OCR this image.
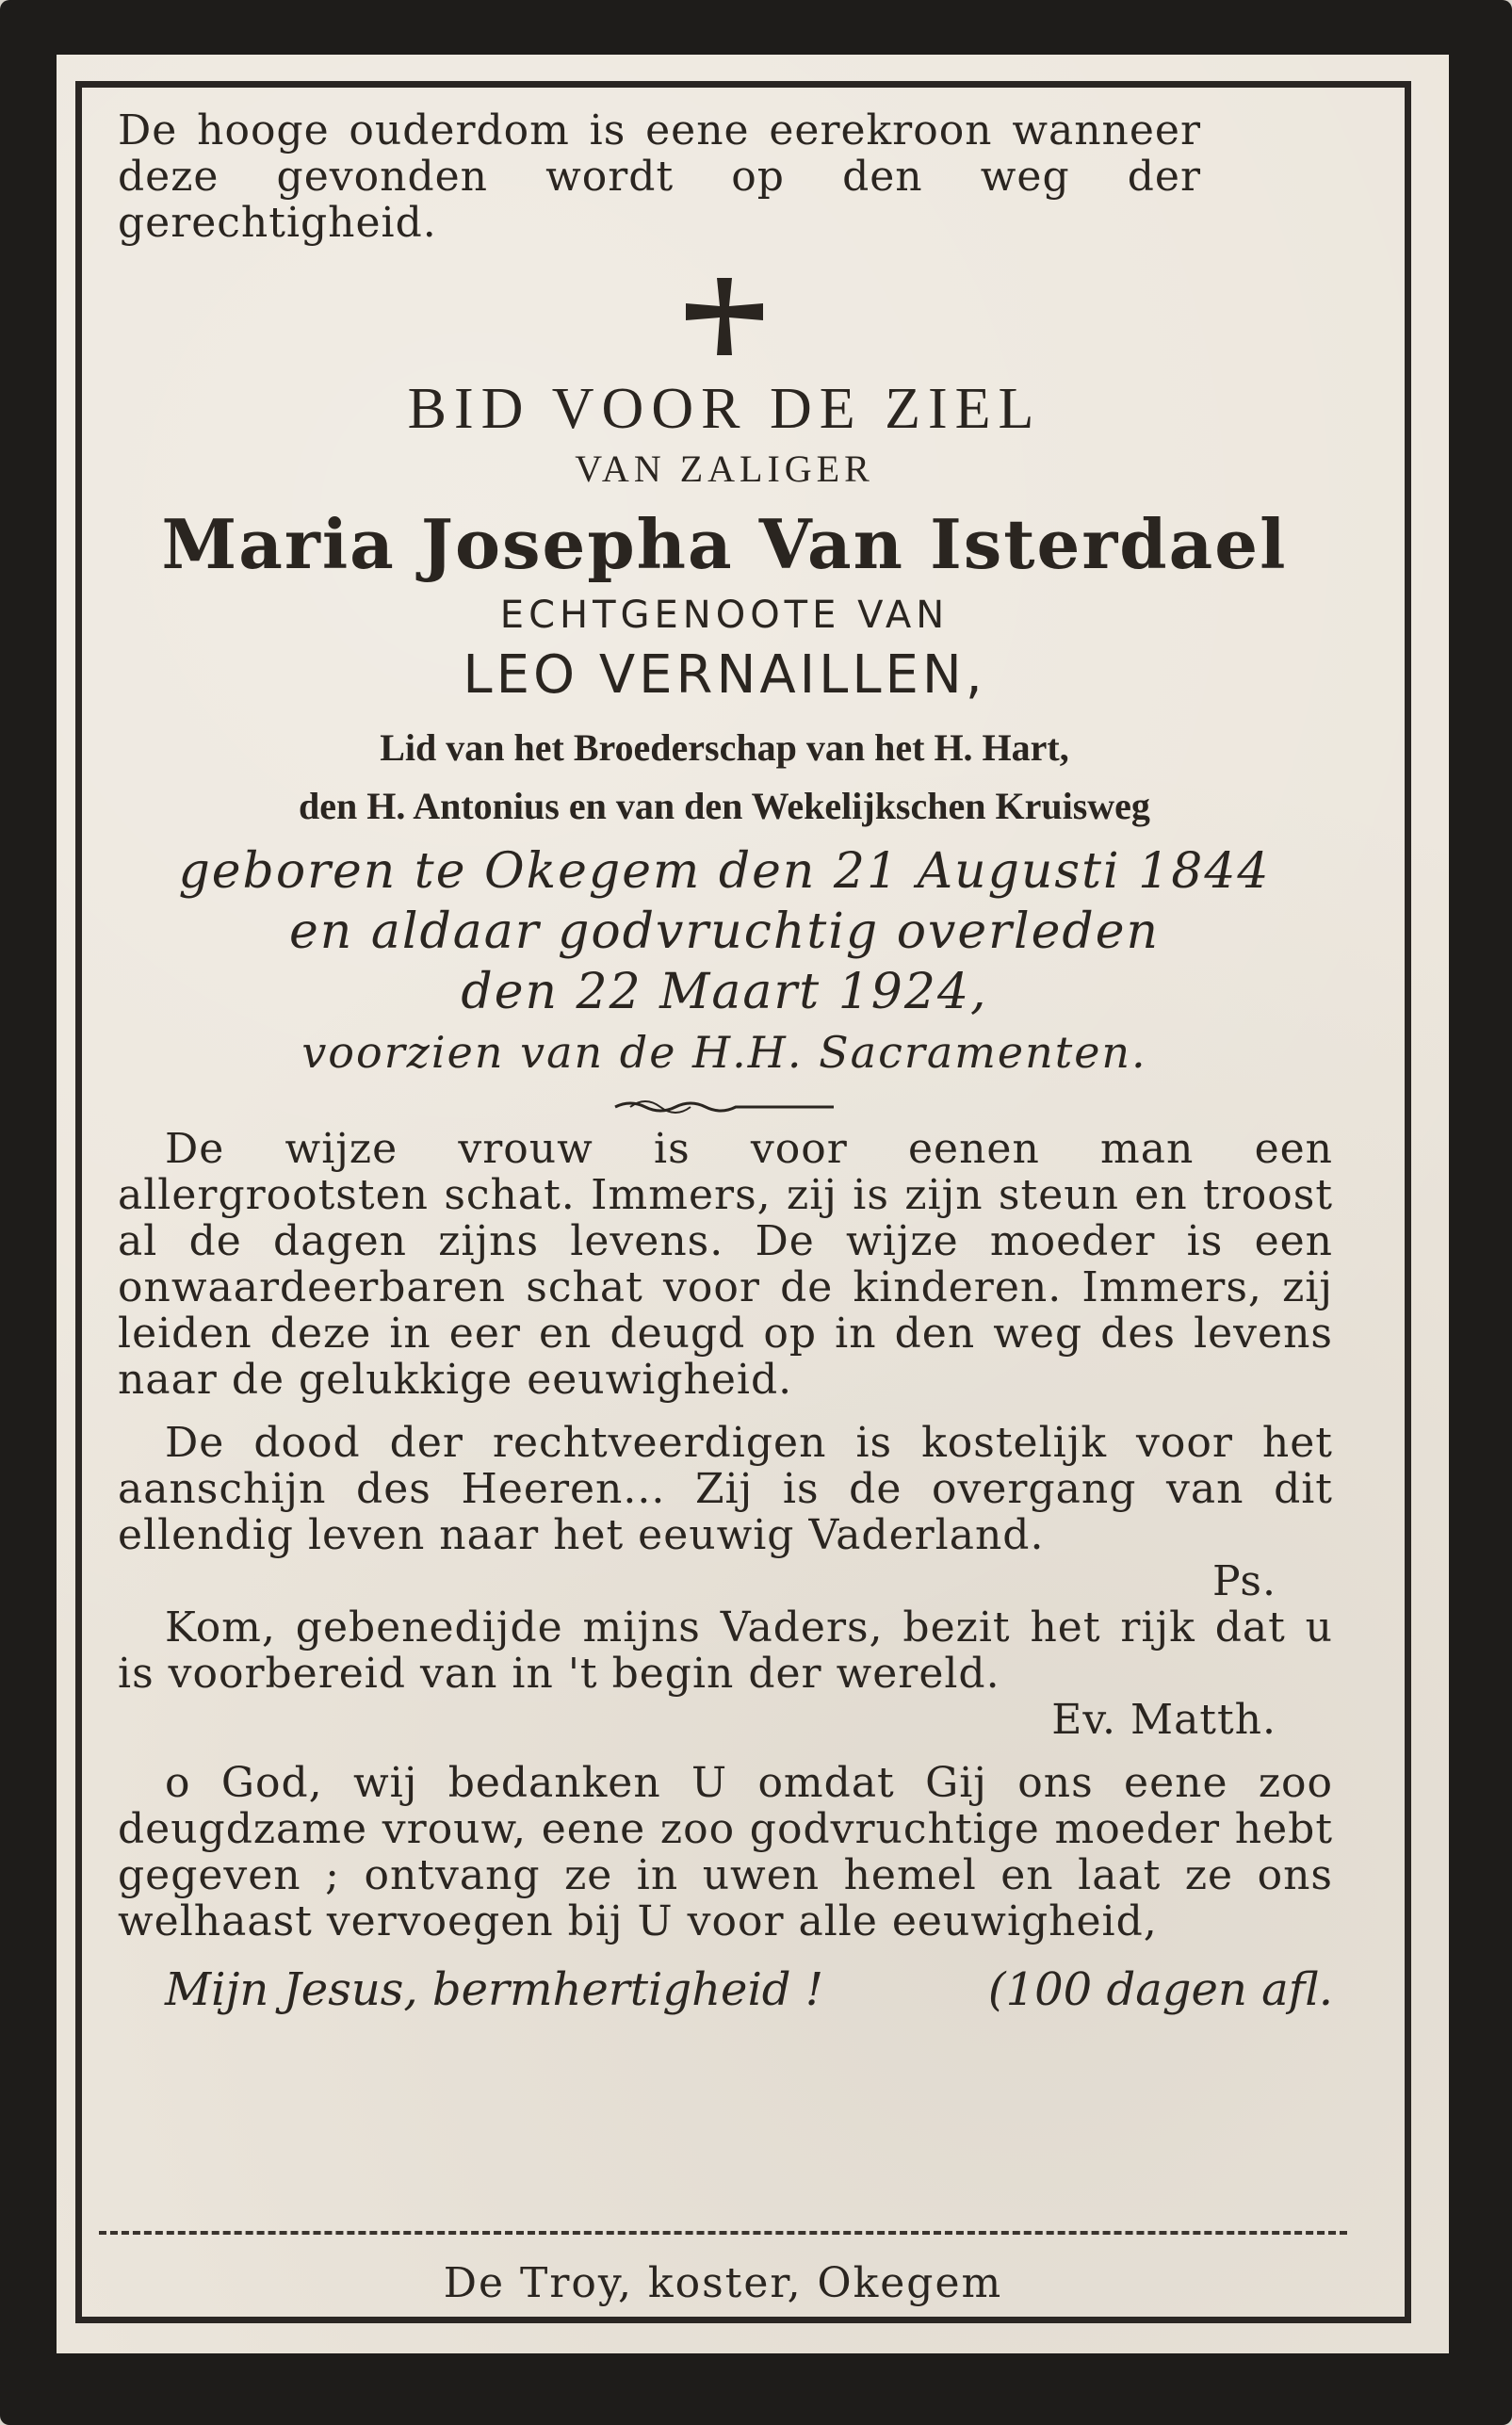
De hooge ouderdom is eene eerekroon wanneer deze gevonden wordt op den weg der gerechtigheid.
BID VOOR DE ZIEL
VAN ZALIGER
Maria Josepha Van Isterdael
ECHTGENOOTE VAN
LEO VERNAILLEN,
Lid van het Broederschap van het H. Hart,
den H. Antonius en van den Wekelijkschen Kruisweg
geboren te Okegem den 21 Augusti 1844
en aldaar godvruchtig overleden
den 22 Maart 1924,
voorzien van de H.H. Sacramenten.

De wijze vrouw is voor eenen man een allergrootsten schat. Immers, zij is zijn steun en troost al de dagen zijns levens. De wijze moeder is een onwaardeerbaren schat voor de kinderen. Immers, zij leiden deze in eer en deugd op in den weg des levens naar de gelukkige eeuwigheid.

De dood der rechtveerdigen is kostelijk voor het aanschijn des Heeren... Zij is de overgang van dit ellendig leven naar het eeuwig Vaderland.

Ps.

Kom, gebenedijde mijns Vaders, bezit het rijk dat u is voorbereid van in 't begin der wereld.

Ev. Matth.

o God, wij bedanken U omdat Gij ons eene zoo deugdzame vrouw, eene zoo godvruchtige moeder hebt gegeven ; ontvang ze in uwen hemel en laat ze ons welhaast vervoegen bij U voor alle eeuwigheid,

Mijn Jesus, bermhertigheid !	(100 dagen afl.
De Troy, koster, Okegem
